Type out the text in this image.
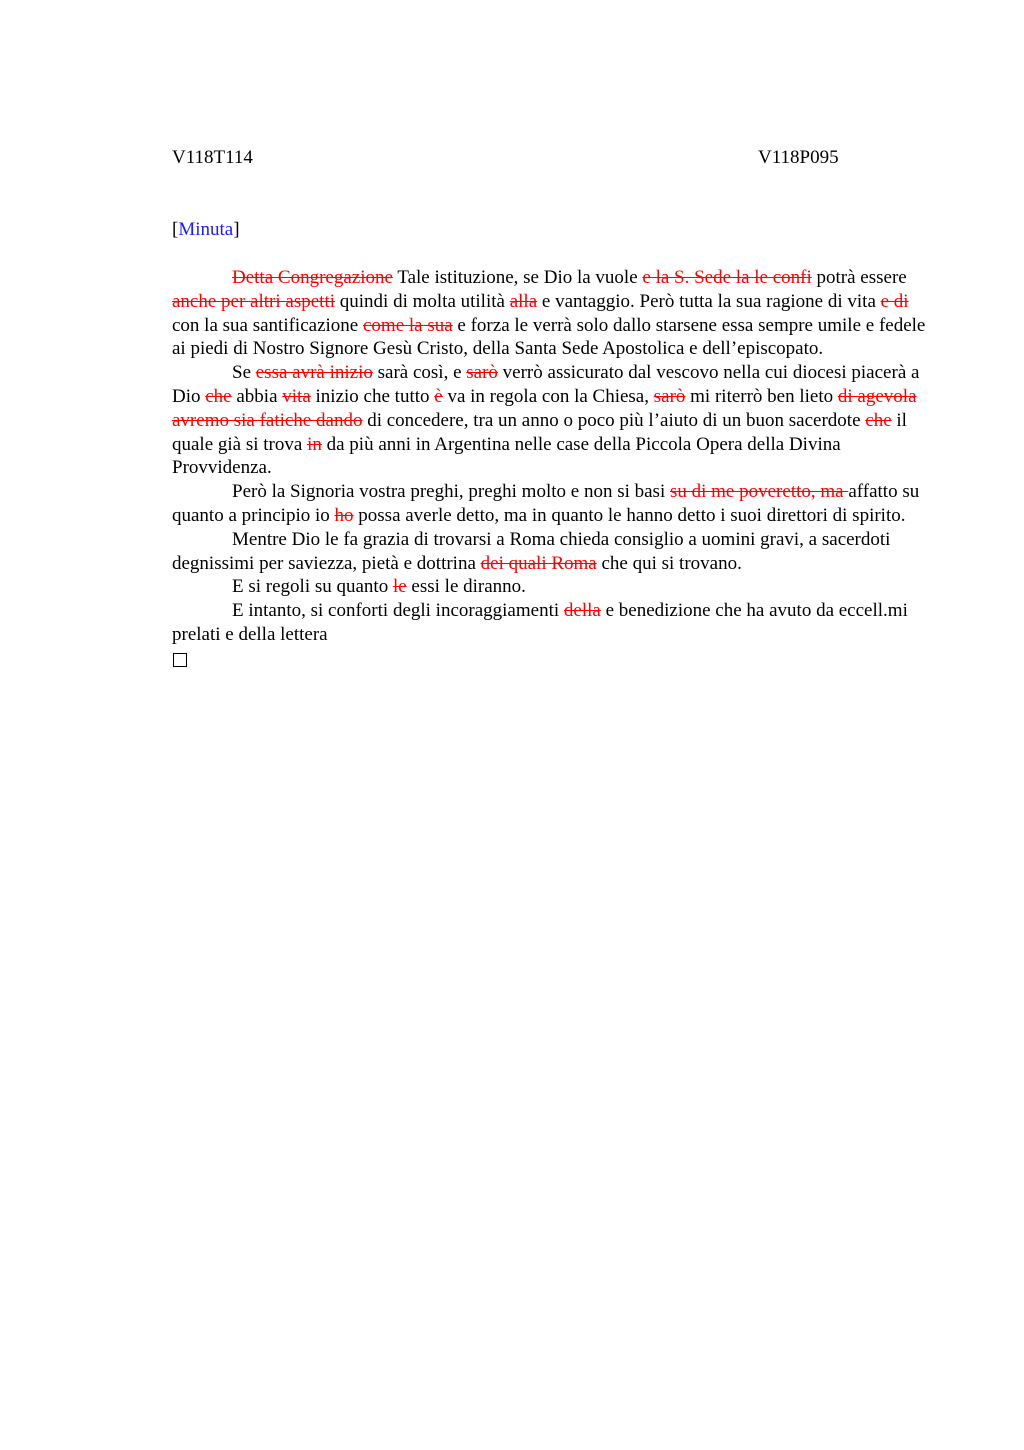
V118T114	V118P095
[Minuta]

Detta Congregazione Tale istituzione, se Dio la vuole e la S. Sede la le confi potrà essere anche per altri aspetti quindi di molta utilità alla e vantaggio. Però tutta la sua ragione di vita e di con la sua santificazione come la sua e forza le verrà solo dallo starsene essa sempre umile e fedele ai piedi di Nostro Signore Gesù Cristo, della Santa Sede Apostolica e dell’episcopato.

Se essa avrà inizio sarà così, e sarò verrò assicurato dal vescovo nella cui diocesi piacerà a Dio che abbia vita inizio che tutto è va in regola con la Chiesa, sarò mi riterrò ben lieto di agevola avremo sia fatiche dando di concedere, tra un anno o poco più l’aiuto di un buon sacerdote che il quale già si trova in da più anni in Argentina nelle case della Piccola Opera della Divina Provvidenza.

Però la Signoria vostra preghi, preghi molto e non si basi su di me poveretto, ma affatto su quanto a principio io ho possa averle detto, ma in quanto le hanno detto i suoi direttori di spirito.

Mentre Dio le fa grazia di trovarsi a Roma chieda consiglio a uomini gravi, a sacerdoti degnissimi per saviezza, pietà e dottrina dei quali Roma che qui si trovano.

E si regoli su quanto le essi le diranno.

E intanto, si conforti degli incoraggiamenti della e benedizione che ha avuto da eccell.mi prelati e della lettera
